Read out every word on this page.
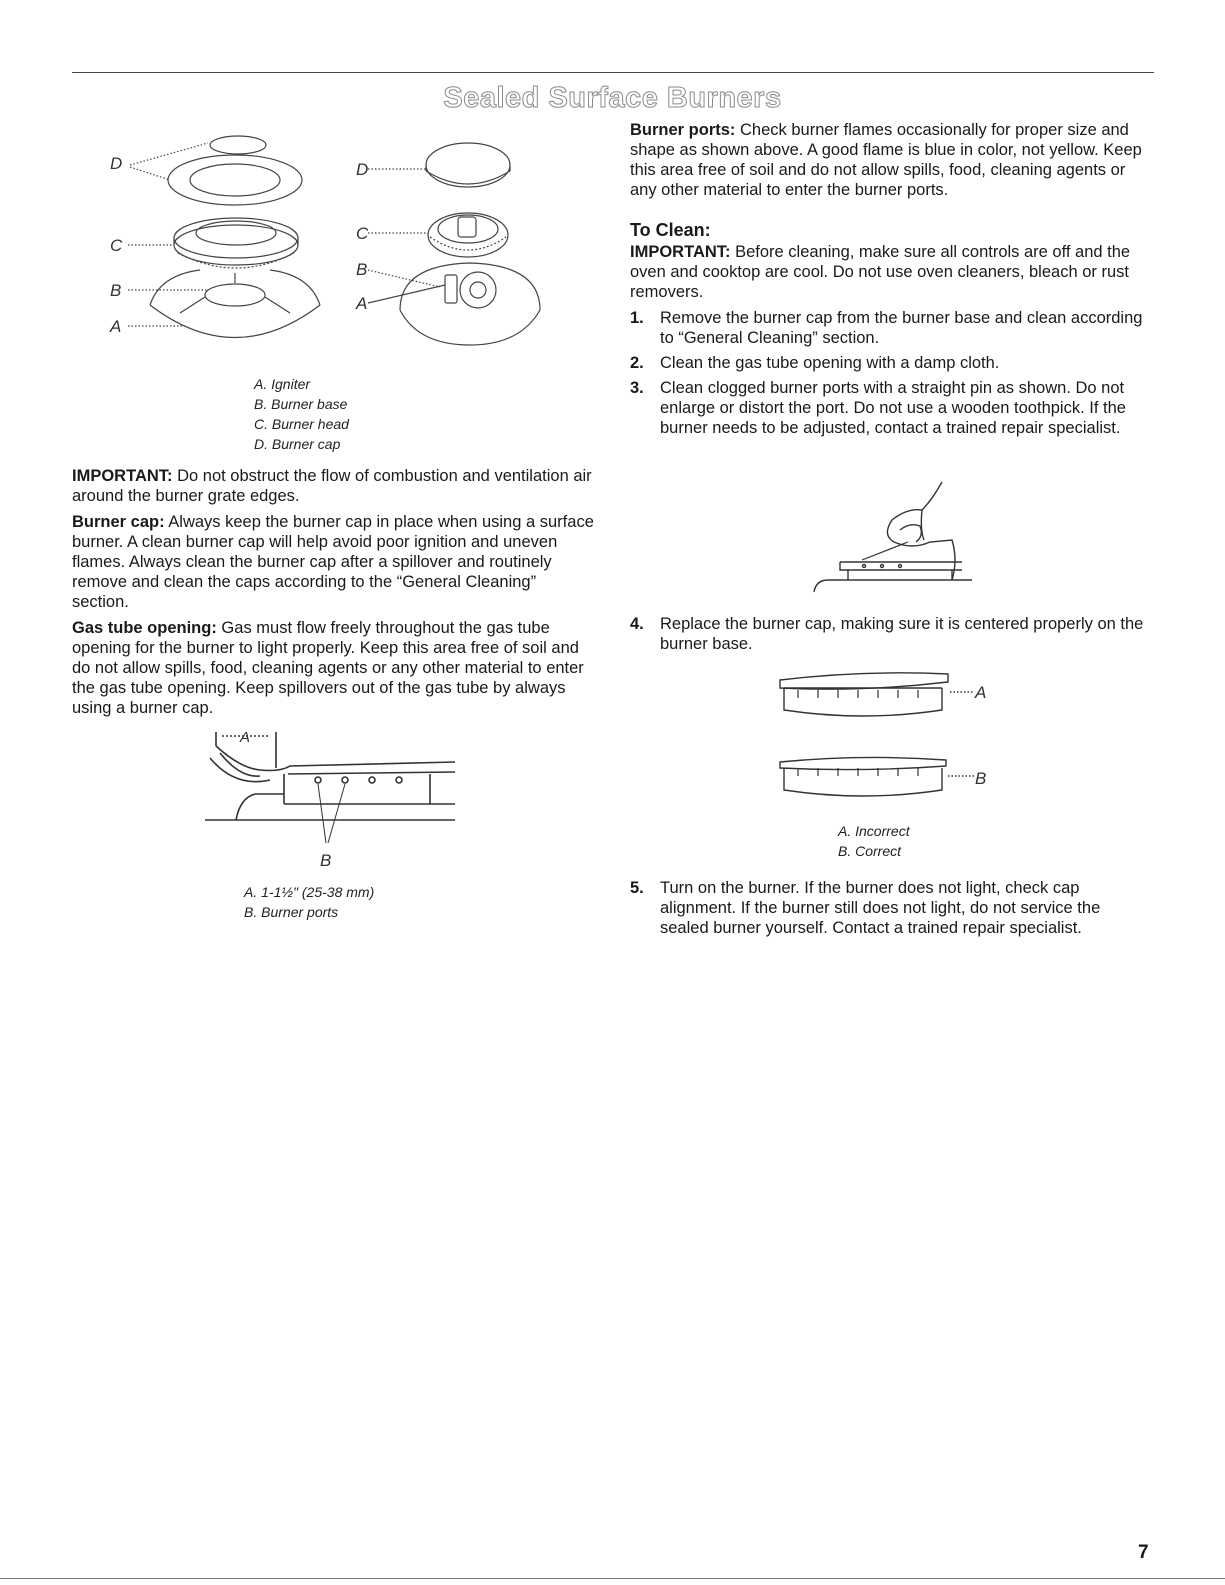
Sealed Surface Burners
D
C
B
A
D
C
B
A
A. Igniter
B. Burner base
C. Burner head
D. Burner cap

IMPORTANT: Do not obstruct the flow of combustion and ventilation air around the burner grate edges.

Burner cap: Always keep the burner cap in place when using a surface burner. A clean burner cap will help avoid poor ignition and uneven flames. Always clean the burner cap after a spillover and routinely remove and clean the caps according to the “General Cleaning” section.

Gas tube opening: Gas must flow freely throughout the gas tube opening for the burner to light properly. Keep this area free of soil and do not allow spills, food, cleaning agents or any other material to enter the gas tube opening. Keep spillovers out of the gas tube by always using a burner cap.

A
B
A. 1-1½" (25-38 mm)
B. Burner ports

Burner ports: Check burner flames occasionally for proper size and shape as shown above. A good flame is blue in color, not yellow. Keep this area free of soil and do not allow spills, food, cleaning agents or any other material to enter the burner ports.

To Clean:

IMPORTANT: Before cleaning, make sure all controls are off and the oven and cooktop are cool. Do not use oven cleaners, bleach or rust removers.

1. Remove the burner cap from the burner base and clean according to “General Cleaning” section.
2. Clean the gas tube opening with a damp cloth.
3. Clean clogged burner ports with a straight pin as shown. Do not enlarge or distort the port. Do not use a wooden toothpick. If the burner needs to be adjusted, contact a trained repair specialist.
4. Replace the burner cap, making sure it is centered properly on the burner base.
A
B
A. Incorrect
B. Correct
5. Turn on the burner. If the burner does not light, check cap alignment. If the burner still does not light, do not service the sealed burner yourself. Contact a trained repair specialist.
7
